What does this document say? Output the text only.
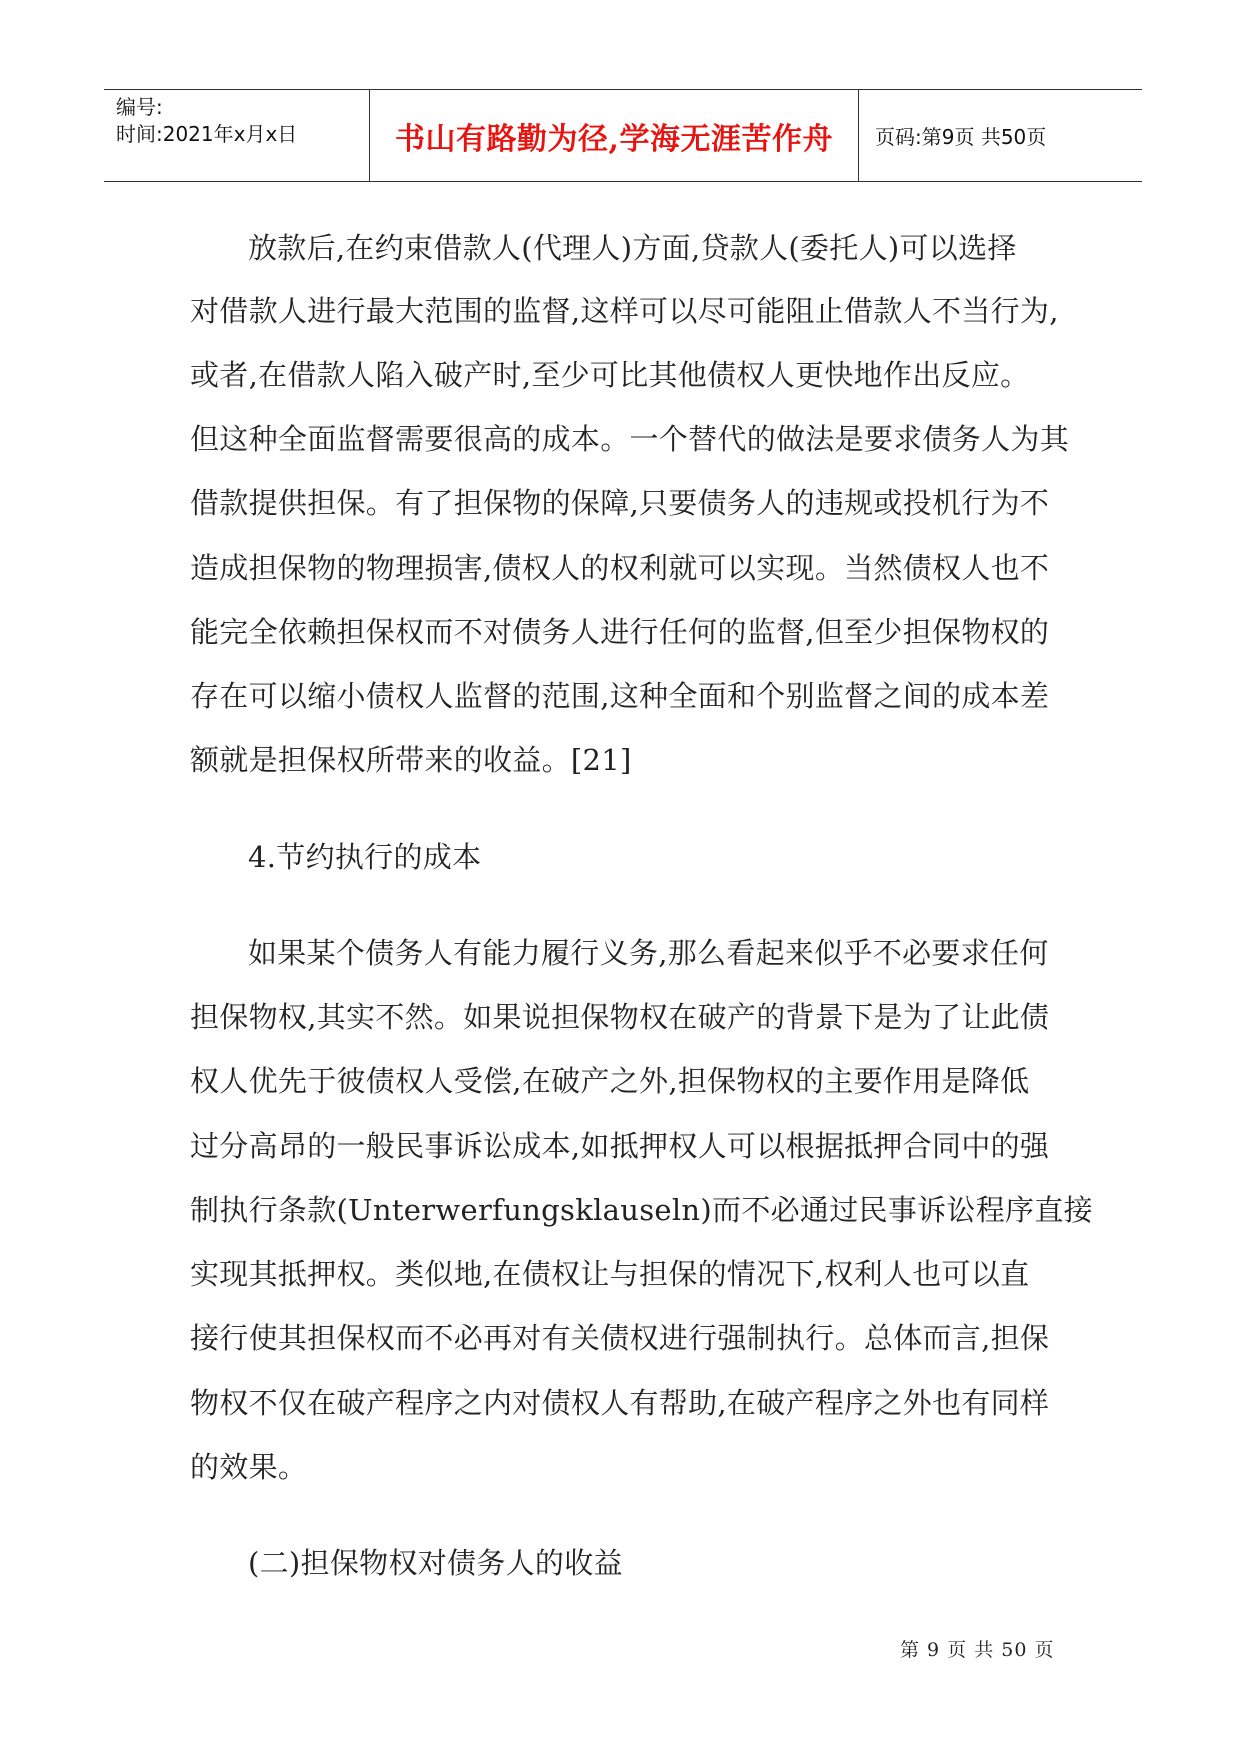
编号:
时间:2021年x月x日	书山有路勤为径,学海无涯苦作舟 页码:第9页 共50页
放款后,在约束借款人(代理人)方面,贷款人(委托人)可以选择
对借款人进行最大范围的监督,这样可以尽可能阻止借款人不当行为,
或者,在借款人陷入破产时,至少可比其他债权人更快地作出反应。
但这种全面监督需要很高的成本。一个替代的做法是要求债务人为其
借款提供担保。有了担保物的保障,只要债务人的违规或投机行为不
造成担保物的物理损害,债权人的权利就可以实现。当然债权人也不
能完全依赖担保权而不对债务人进行任何的监督,但至少担保物权的
存在可以缩小债权人监督的范围,这种全面和个别监督之间的成本差
额就是担保权所带来的收益。[21]
4.节约执行的成本
如果某个债务人有能力履行义务,那么看起来似乎不必要求任何
担保物权,其实不然。如果说担保物权在破产的背景下是为了让此债
权人优先于彼债权人受偿,在破产之外,担保物权的主要作用是降低
过分高昂的一般民事诉讼成本,如抵押权人可以根据抵押合同中的强
制执行条款(Unterwerfungsklauseln)而不必通过民事诉讼程序直接
实现其抵押权。类似地,在债权让与担保的情况下,权利人也可以直
接行使其担保权而不必再对有关债权进行强制执行。总体而言,担保
物权不仅在破产程序之内对债权人有帮助,在破产程序之外也有同样
的效果。
(二)担保物权对债务人的收益
第 9 页 共 50 页
